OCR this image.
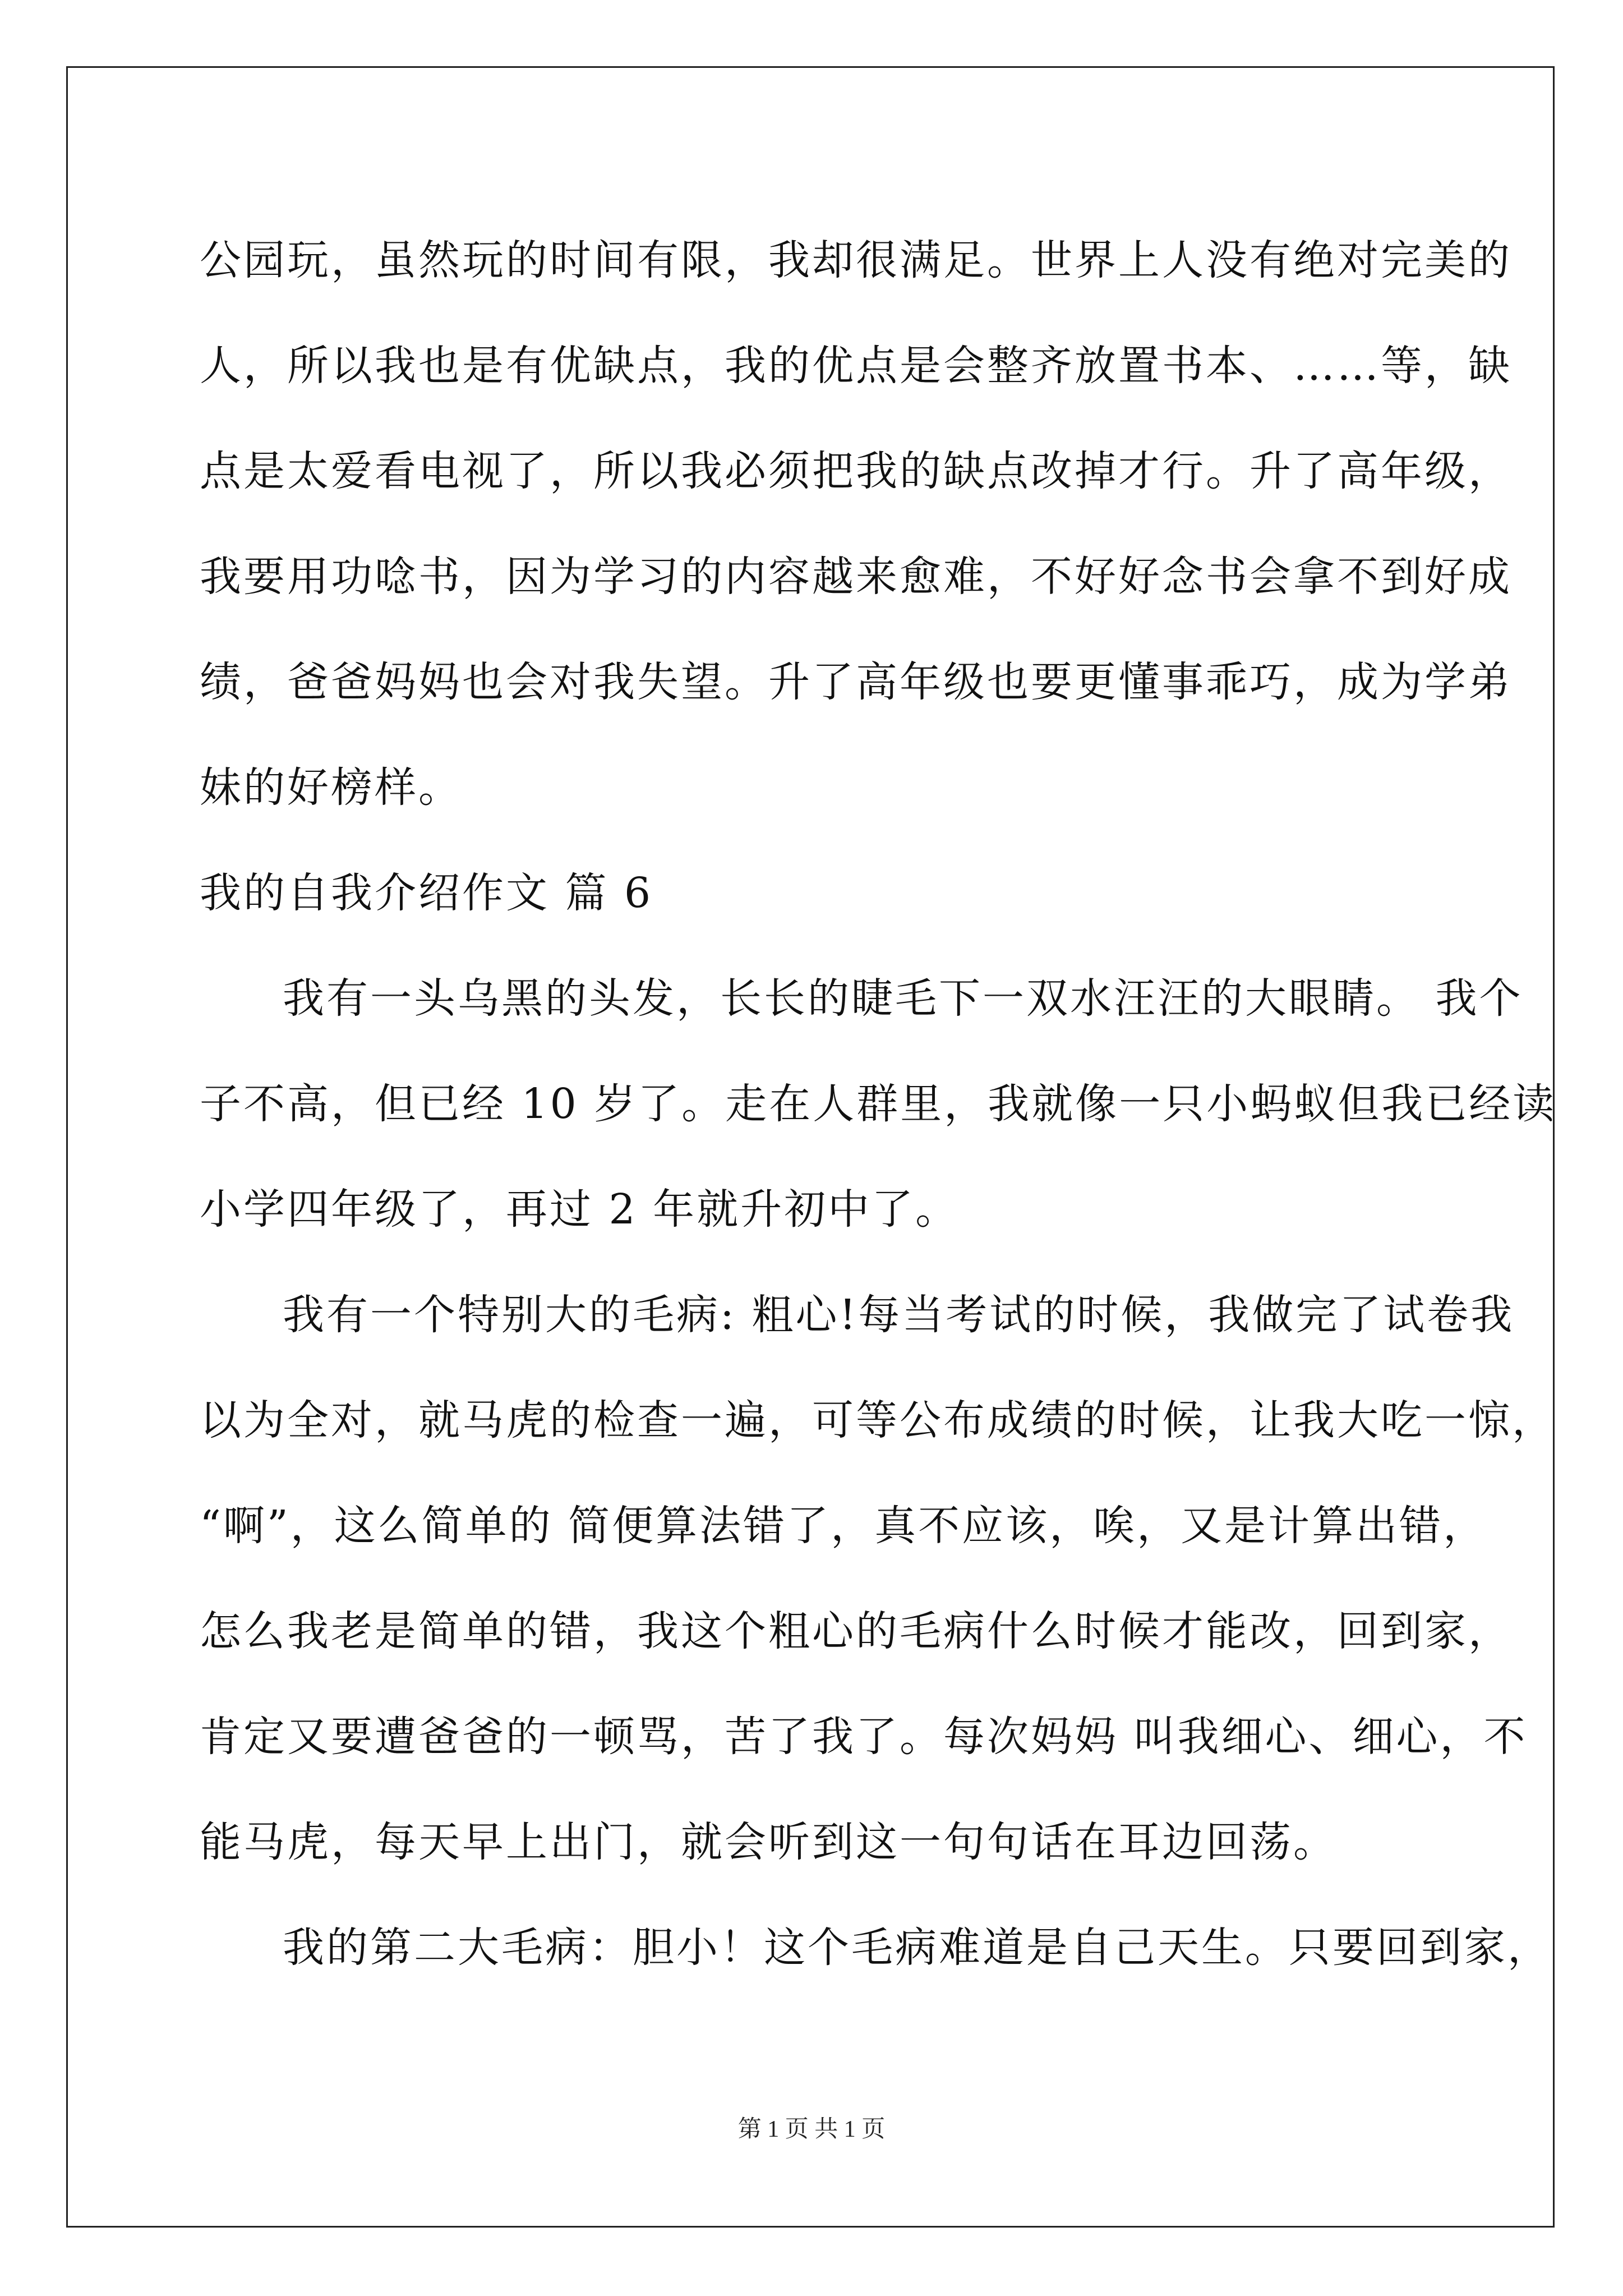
公园玩，虽然玩的时间有限，我却很满足。世界上人没有绝对完美的
人，所以我也是有优缺点，我的优点是会整齐放置书本、……等，缺
点是太爱看电视了，所以我必须把我的缺点改掉才行。升了高年级，
我要用功唸书，因为学习的内容越来愈难，不好好念书会拿不到好成
绩，爸爸妈妈也会对我失望。升了高年级也要更懂事乖巧，成为学弟
妹的好榜样。
我的自我介绍作文 篇 6
我有一头乌黑的头发，长长的睫毛下一双水汪汪的大眼睛。 我个
子不高，但已经 10 岁了。走在人群里，我就像一只小蚂蚁但我已经读
小学四年级了，再过 2 年就升初中了。
我有一个特别大的毛病: 粗心!每当考试的时候，我做完了试卷我
以为全对，就马虎的检查一遍，可等公布成绩的时候，让我大吃一惊，
“啊”，这么简单的 简便算法错了，真不应该，唉，又是计算出错，
怎么我老是简单的错，我这个粗心的毛病什么时候才能改，回到家，
肯定又要遭爸爸的一顿骂，苦了我了。每次妈妈 叫我细心、细心，不
能马虎，每天早上出门，就会听到这一句句话在耳边回荡。
我的第二大毛病：胆小！这个毛病难道是自己天生。只要回到家，
第 1 页 共 1 页
